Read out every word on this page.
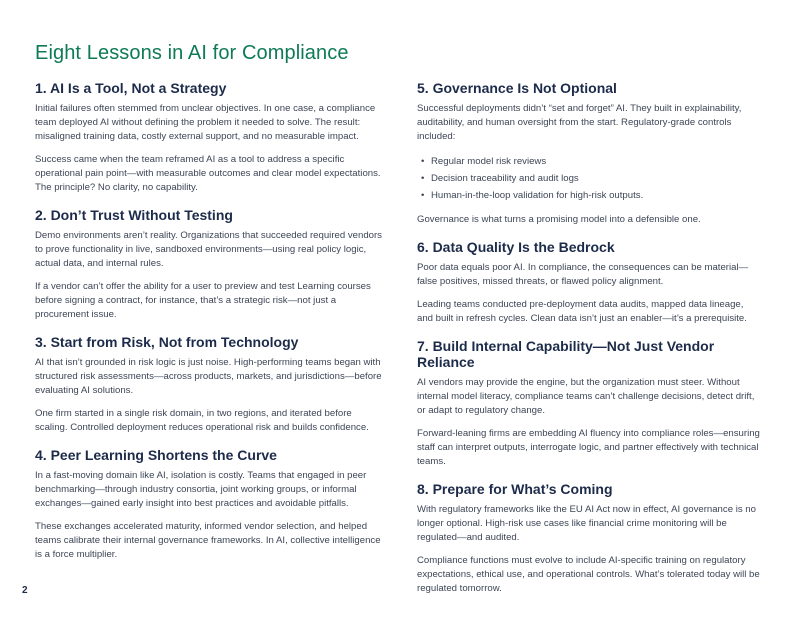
Eight Lessons in AI for Compliance
1. AI Is a Tool, Not a Strategy

Initial failures often stemmed from unclear objectives. In one case, a compliance team deployed AI without defining the problem it needed to solve. The result: misaligned training data, costly external support, and no measurable impact.

Success came when the team reframed AI as a tool to address a specific operational pain point—with measurable outcomes and clear model expectations. The principle? No clarity, no capability.

2. Don’t Trust Without Testing

Demo environments aren’t reality. Organizations that succeeded required vendors to prove functionality in live, sandboxed environments—using real policy logic, actual data, and internal rules.

If a vendor can’t offer the ability for a user to preview and test Learning courses before signing a contract, for instance, that’s a strategic risk—not just a procurement issue.

3. Start from Risk, Not from Technology

AI that isn’t grounded in risk logic is just noise. High-performing teams began with structured risk assessments—across products, markets, and jurisdictions—before evaluating AI solutions.

One firm started in a single risk domain, in two regions, and iterated before scaling. Controlled deployment reduces operational risk and builds confidence.

4. Peer Learning Shortens the Curve

In a fast-moving domain like AI, isolation is costly. Teams that engaged in peer benchmarking—through industry consortia, joint working groups, or informal exchanges—gained early insight into best practices and avoidable pitfalls.

These exchanges accelerated maturity, informed vendor selection, and helped teams calibrate their internal governance frameworks. In AI, collective intelligence is a force multiplier.

5. Governance Is Not Optional

Successful deployments didn’t “set and forget” AI. They built in explainability, auditability, and human oversight from the start. Regulatory-grade controls included:

• Regular model risk reviews
• Decision traceability and audit logs
• Human-in-the-loop validation for high-risk outputs.

Governance is what turns a promising model into a defensible one.

6. Data Quality Is the Bedrock

Poor data equals poor AI. In compliance, the consequences can be material—false positives, missed threats, or flawed policy alignment.

Leading teams conducted pre-deployment data audits, mapped data lineage, and built in refresh cycles. Clean data isn’t just an enabler—it’s a prerequisite.

7. Build Internal Capability—Not Just Vendor Reliance

AI vendors may provide the engine, but the organization must steer. Without internal model literacy, compliance teams can’t challenge decisions, detect drift, or adapt to regulatory change.

Forward-leaning firms are embedding AI fluency into compliance roles—ensuring staff can interpret outputs, interrogate logic, and partner effectively with technical teams.

8. Prepare for What’s Coming

With regulatory frameworks like the EU AI Act now in effect, AI governance is no longer optional. High-risk use cases like financial crime monitoring will be regulated—and audited.

Compliance functions must evolve to include AI-specific training on regulatory expectations, ethical use, and operational controls. What’s tolerated today will be regulated tomorrow.

2
